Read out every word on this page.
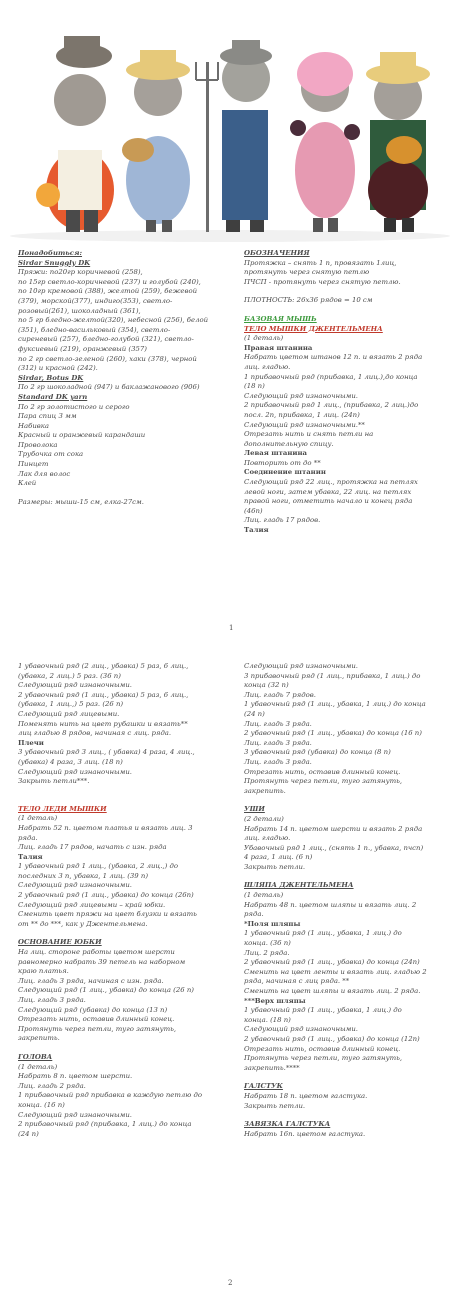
Понадобиться:

Sirdar Snuggly DK

Пряжи: по20гр коричневой (258),

по 15гр светло-коричневой (237) и голубой (240),

по 10гр кремовой (388), желтой (259), бежевой

(379), морской(377), индиго(353), светло-

розовый(261), шоколадный (361),

по 5 гр бледно-желтой(320), небесной (256), белой

(351), бледно-васильковый (354), светло-

сиреневый (257), бледно-голубой (321), светло-

фуксиевый (219), оранжевый (357)

по 2 гр светло-зеленой (260), хаки (378), черной

(312) и красной (242).

Sirdar, Botus DK

По 2 гр шоколадной (947) и баклажанового (906)

Standard DK yarn

По 2 гр золотистого и серого

Пара спиц 3 мм

Набивка

Красный и оранжевый карандаши

Проволока

Трубочка от сока

Пинцет

Лак для волос

Клей

Размеры: мыши-15 см, елка-27см.

ОБОЗНАЧЕНИЯ

Протяжка – снять 1 п, провязать 1лиц,

протянуть через снятую петлю

ПЧСП - протянуть через снятую петлю.

ПЛОТНОСТЬ: 26х36 рядов = 10 см

БАЗОВАЯ МЫШЬ

ТЕЛО МЫШКИ ДЖЕНТЕЛЬМЕНА

(1 деталь)

Правая штанина

Набрать цветом штанов 12 п. и вязать 2 ряда

лиц. гладью.

1 прибавочный ряд (прибавка, 1 лиц.),до конца

(18 п)

Следующий ряд изнаночными.

2 прибавочный ряд 1 лиц., (прибавка, 2 лиц.)до

посл. 2п, прибавка, 1 лиц. (24п)

Следующий ряд изнаночными.**

Отрезать нить и снять петли на

дополнительную спицу.

Левая штанина

Повторить от до **

Соединение штанин

Следующий ряд 22 лиц., протяжка на петлях

левой ноги, затем убавка, 22 лиц. на петлях

правой ноги, отметить начало и конец ряда

(46п)

Лиц. гладь 17 рядов.

Талия

1

1 убавочный ряд (2 лиц., убавка) 5 раз, 6 лиц.,

(убавка, 2 лиц.) 5 раз. (36 п)

Следующий ряд изнаночными.

2 убавочный ряд (1 лиц., убавка) 5 раз, 6 лиц.,

(убавка, 1 лиц.,) 5 раз. (26 п)

Следующий ряд лицевыми.

Поменять нить на цвет рубашки и вязать**

лиц гладью 8 рядов, начиная с лиц. ряда.

Плечи

3 убавочный ряд 3 лиц., ( убавка) 4 раза, 4 лиц.,

(убавка) 4 раза, 3 лиц. (18 п)

Следующий ряд изнаночными.

Закрыть петли***.

ТЕЛО ЛЕДИ МЫШКИ

(1 деталь)

Набрать 52 п. цветом платья и вязать лиц. 3

ряда.

Лиц. гладь 17 рядов, начать с изн. ряда

Талия

1 убавочный ряд 1 лиц., (убавка, 2 лиц.,) до

последних 3 п, убавка, 1 лиц. (39 п)

Следующий ряд изнаночными.

2 убавочный ряд (1 лиц., убавка) до конца (26п)

Следующий ряд лицевыми – край юбки.

Сменить цвет пряжи на цвет блузки и вязать

от ** до ***, как у Джентельмена.

ОСНОВАНИЕ ЮБКИ

На лиц. стороне работы цветом шерсти

равномерно набрать 39 петель на наборном

краю платья.

Лиц. гладь 3 ряда, начиная с изн. ряда.

Следующий ряд (1 лиц., убавка) до конца (26 п)

Лиц. гладь 3 ряда.

Следующий ряд (убавка) до конца (13 п)

Отрезать нить, оставив длинный конец.

Протянуть через петли, туго затянуть,

закрепить.

ГОЛОВА

(1 деталь)

Набрать 8 п. цветом шерсти.

Лиц. гладь 2 ряда.

1 прибавочный ряд прибавка в каждую петлю до

конца. (16 п)

Следующий ряд изнаночными.

2 прибавочный ряд (прибавка, 1 лиц.) до конца

(24 п)

Следующий ряд изнаночными.

3 прибавочный ряд (1 лиц., прибавка, 1 лиц.) до

конца (32 п)

Лиц. гладь 7 рядов.

1 убавочный ряд (1 лиц., убавка, 1 лиц.) до конца

(24 п)

Лиц. гладь 3 ряда.

2 убавочный ряд (1 лиц., убавка) до конца (16 п)

Лиц. гладь 3 ряда.

3 убавочный ряд (убавка) до конца (8 п)

Лиц. гладь 3 ряда.

Отрезать нить, оставив длинный конец.

Протянуть через петли, туго затянуть,

закрепить.

УШИ

(2 детали)

Набрать 14 п. цветом шерсти и вязать 2 ряда

лиц. гладью.

Убавочный ряд 1 лиц., (снять 1 п., убавка, пчсп)

4 раза, 1 лиц. (6 п)

Закрыть петли.

ШЛЯПА ДЖЕНТЕЛЬМЕНА

(1 деталь)

Набрать 48 п. цветом шляпы и вязать лиц. 2

ряда.

*Поля шляпы

1 убавочный ряд (1 лиц., убавка, 1 лиц.) до

конца. (36 п)

Лиц. 2 ряда.

2 убавочный ряд (1 лиц., убавка) до конца (24п)

Сменить на цвет ленты и вязать лиц. гладью 2

ряда, начиная с лиц ряда. **

Сменить на цвет шляпы и вязать лиц. 2 ряда.

***Верх шляпы

1 убавочный ряд (1 лиц., убавка, 1 лиц.) до

конца. (18 п)

Следующий ряд изнаночными.

2 убавочный ряд (1 лиц., убавка) до конца (12п)

Отрезать нить, оставив длинный конец.

Протянуть через петли, туго затянуть,

закрепить.****

ГАЛСТУК

Набрать 18 п. цветом галстука.

Закрыть петли.

ЗАВЯЗКА ГАЛСТУКА

Набрать 16п. цветом галстука.

2
